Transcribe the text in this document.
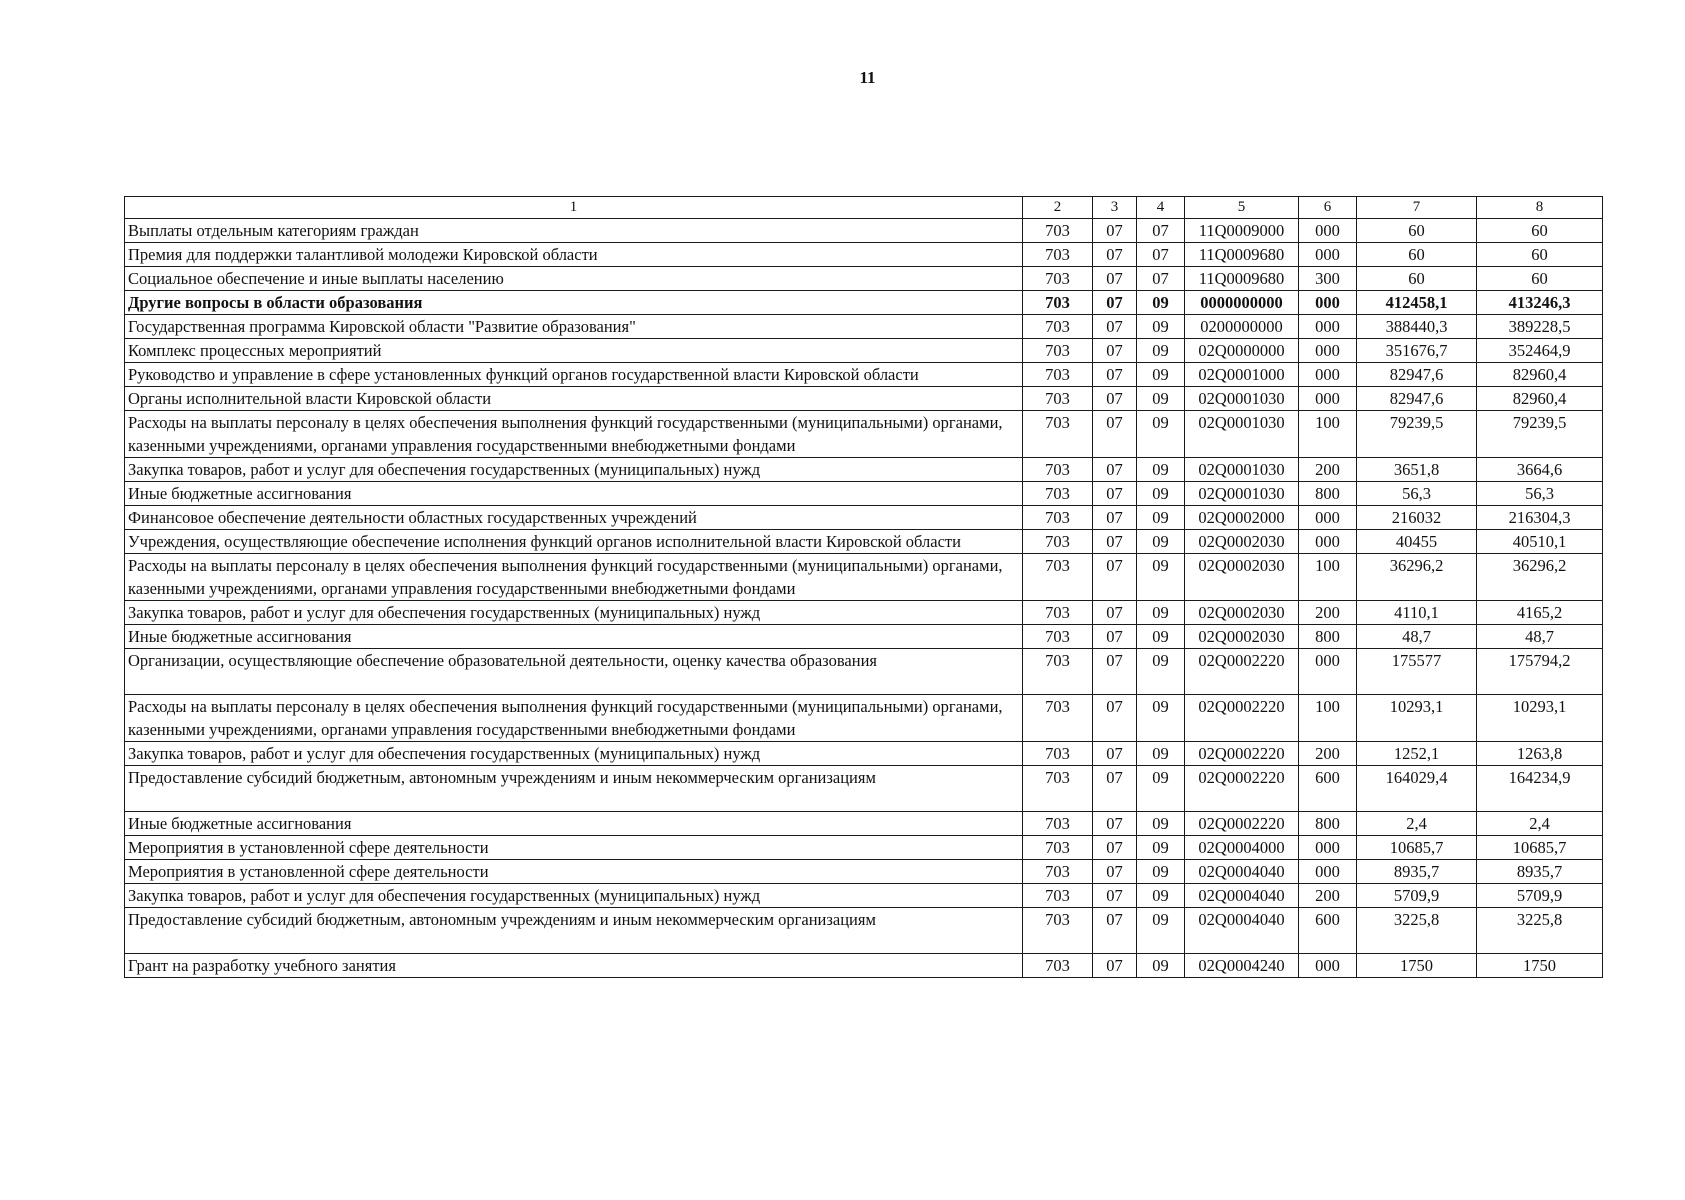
11
1	2	3	4	5	6	7	8
Выплаты отдельным категориям граждан	703	07	07	11Q0009000	000	60	60
Премия для поддержки талантливой молодежи Кировской области	703	07	07	11Q0009680	000	60	60
Социальное обеспечение и иные выплаты населению	703	07	07	11Q0009680	300	60	60
Другие вопросы в области образования	703	07	09	0000000000	000	412458,1	413246,3
Государственная программа Кировской области "Развитие образования"	703	07	09	0200000000	000	388440,3	389228,5
Комплекс процессных мероприятий	703	07	09	02Q0000000	000	351676,7	352464,9
Руководство и управление в сфере установленных функций органов государственной власти Кировской области	703	07	09	02Q0001000	000	82947,6	82960,4
Органы исполнительной власти Кировской области	703	07	09	02Q0001030	000	82947,6	82960,4
Расходы на выплаты персоналу в целях обеспечения выполнения функций государственными (муниципальными) органами, казенными учреждениями, органами управления государственными внебюджетными фондами	703	07	09	02Q0001030	100	79239,5	79239,5
Закупка товаров, работ и услуг для обеспечения государственных (муниципальных) нужд	703	07	09	02Q0001030	200	3651,8	3664,6
Иные бюджетные ассигнования	703	07	09	02Q0001030	800	56,3	56,3
Финансовое обеспечение деятельности областных государственных учреждений	703	07	09	02Q0002000	000	216032	216304,3
Учреждения, осуществляющие обеспечение исполнения функций органов исполнительной власти Кировской области	703	07	09	02Q0002030	000	40455	40510,1
Расходы на выплаты персоналу в целях обеспечения выполнения функций государственными (муниципальными) органами, казенными учреждениями, органами управления государственными внебюджетными фондами	703	07	09	02Q0002030	100	36296,2	36296,2
Закупка товаров, работ и услуг для обеспечения государственных (муниципальных) нужд	703	07	09	02Q0002030	200	4110,1	4165,2
Иные бюджетные ассигнования	703	07	09	02Q0002030	800	48,7	48,7
Организации, осуществляющие обеспечение образовательной деятельности, оценку качества образования	703	07	09	02Q0002220	000	175577	175794,2
Расходы на выплаты персоналу в целях обеспечения выполнения функций государственными (муниципальными) органами, казенными учреждениями, органами управления государственными внебюджетными фондами	703	07	09	02Q0002220	100	10293,1	10293,1
Закупка товаров, работ и услуг для обеспечения государственных (муниципальных) нужд	703	07	09	02Q0002220	200	1252,1	1263,8
Предоставление субсидий бюджетным, автономным учреждениям и иным некоммерческим организациям	703	07	09	02Q0002220	600	164029,4	164234,9
Иные бюджетные ассигнования	703	07	09	02Q0002220	800	2,4	2,4
Мероприятия в установленной сфере деятельности	703	07	09	02Q0004000	000	10685,7	10685,7
Мероприятия в установленной сфере деятельности	703	07	09	02Q0004040	000	8935,7	8935,7
Закупка товаров, работ и услуг для обеспечения государственных (муниципальных) нужд	703	07	09	02Q0004040	200	5709,9	5709,9
Предоставление субсидий бюджетным, автономным учреждениям и иным некоммерческим организациям	703	07	09	02Q0004040	600	3225,8	3225,8
Грант на разработку учебного занятия	703	07	09	02Q0004240	000	1750	1750
